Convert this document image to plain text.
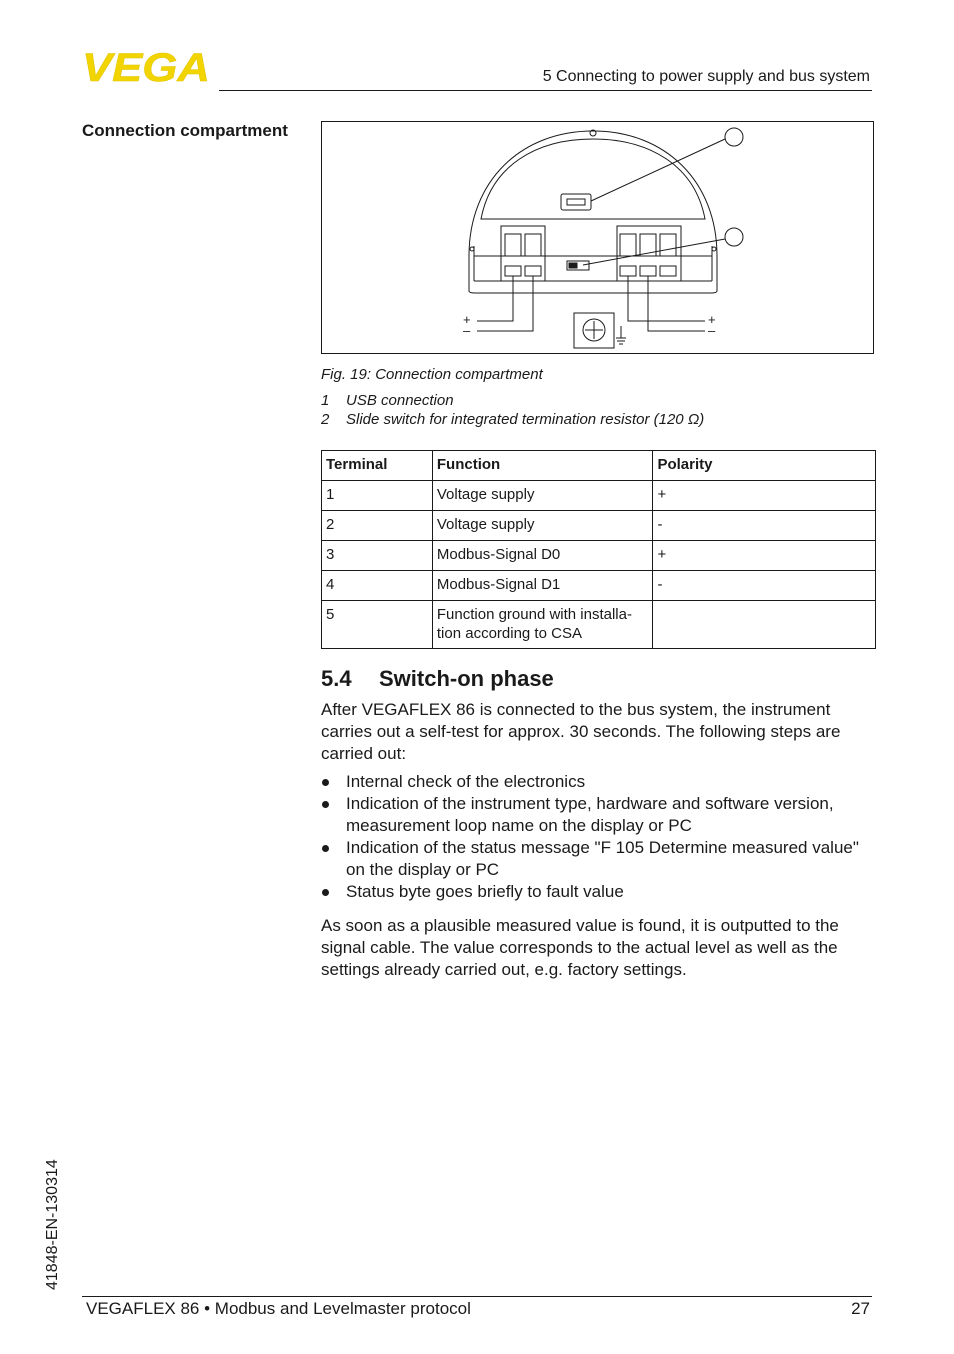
VEGA	5 Connecting to power supply and bus system
Connection compartment
+
–
+
–
Fig. 19: Connection compartment
1 USB connection
2 Slide switch for integrated termination resistor (120 Ω)
Terminal	Function	Polarity
1	Voltage supply	+
2	Voltage supply	-
3	Modbus-Signal D0	+
4	Modbus-Signal D1	-
5	Function ground with installa-
tion according to CSA	
5.4 Switch-on phase
After VEGAFLEX 86 is connected to the bus system, the instrument carries out a self-test for approx. 30 seconds. The following steps are carried out:
Internal check of the electronics
Indication of the instrument type, hardware and software version, measurement loop name on the display or PC
Indication of the status message "F 105 Determine measured value" on the display or PC
Status byte goes briefly to fault value
As soon as a plausible measured value is found, it is outputted to the signal cable. The value corresponds to the actual level as well as the settings already carried out, e.g. factory settings.
41848-EN-130314
VEGAFLEX 86 • Modbus and Levelmaster protocol	27
